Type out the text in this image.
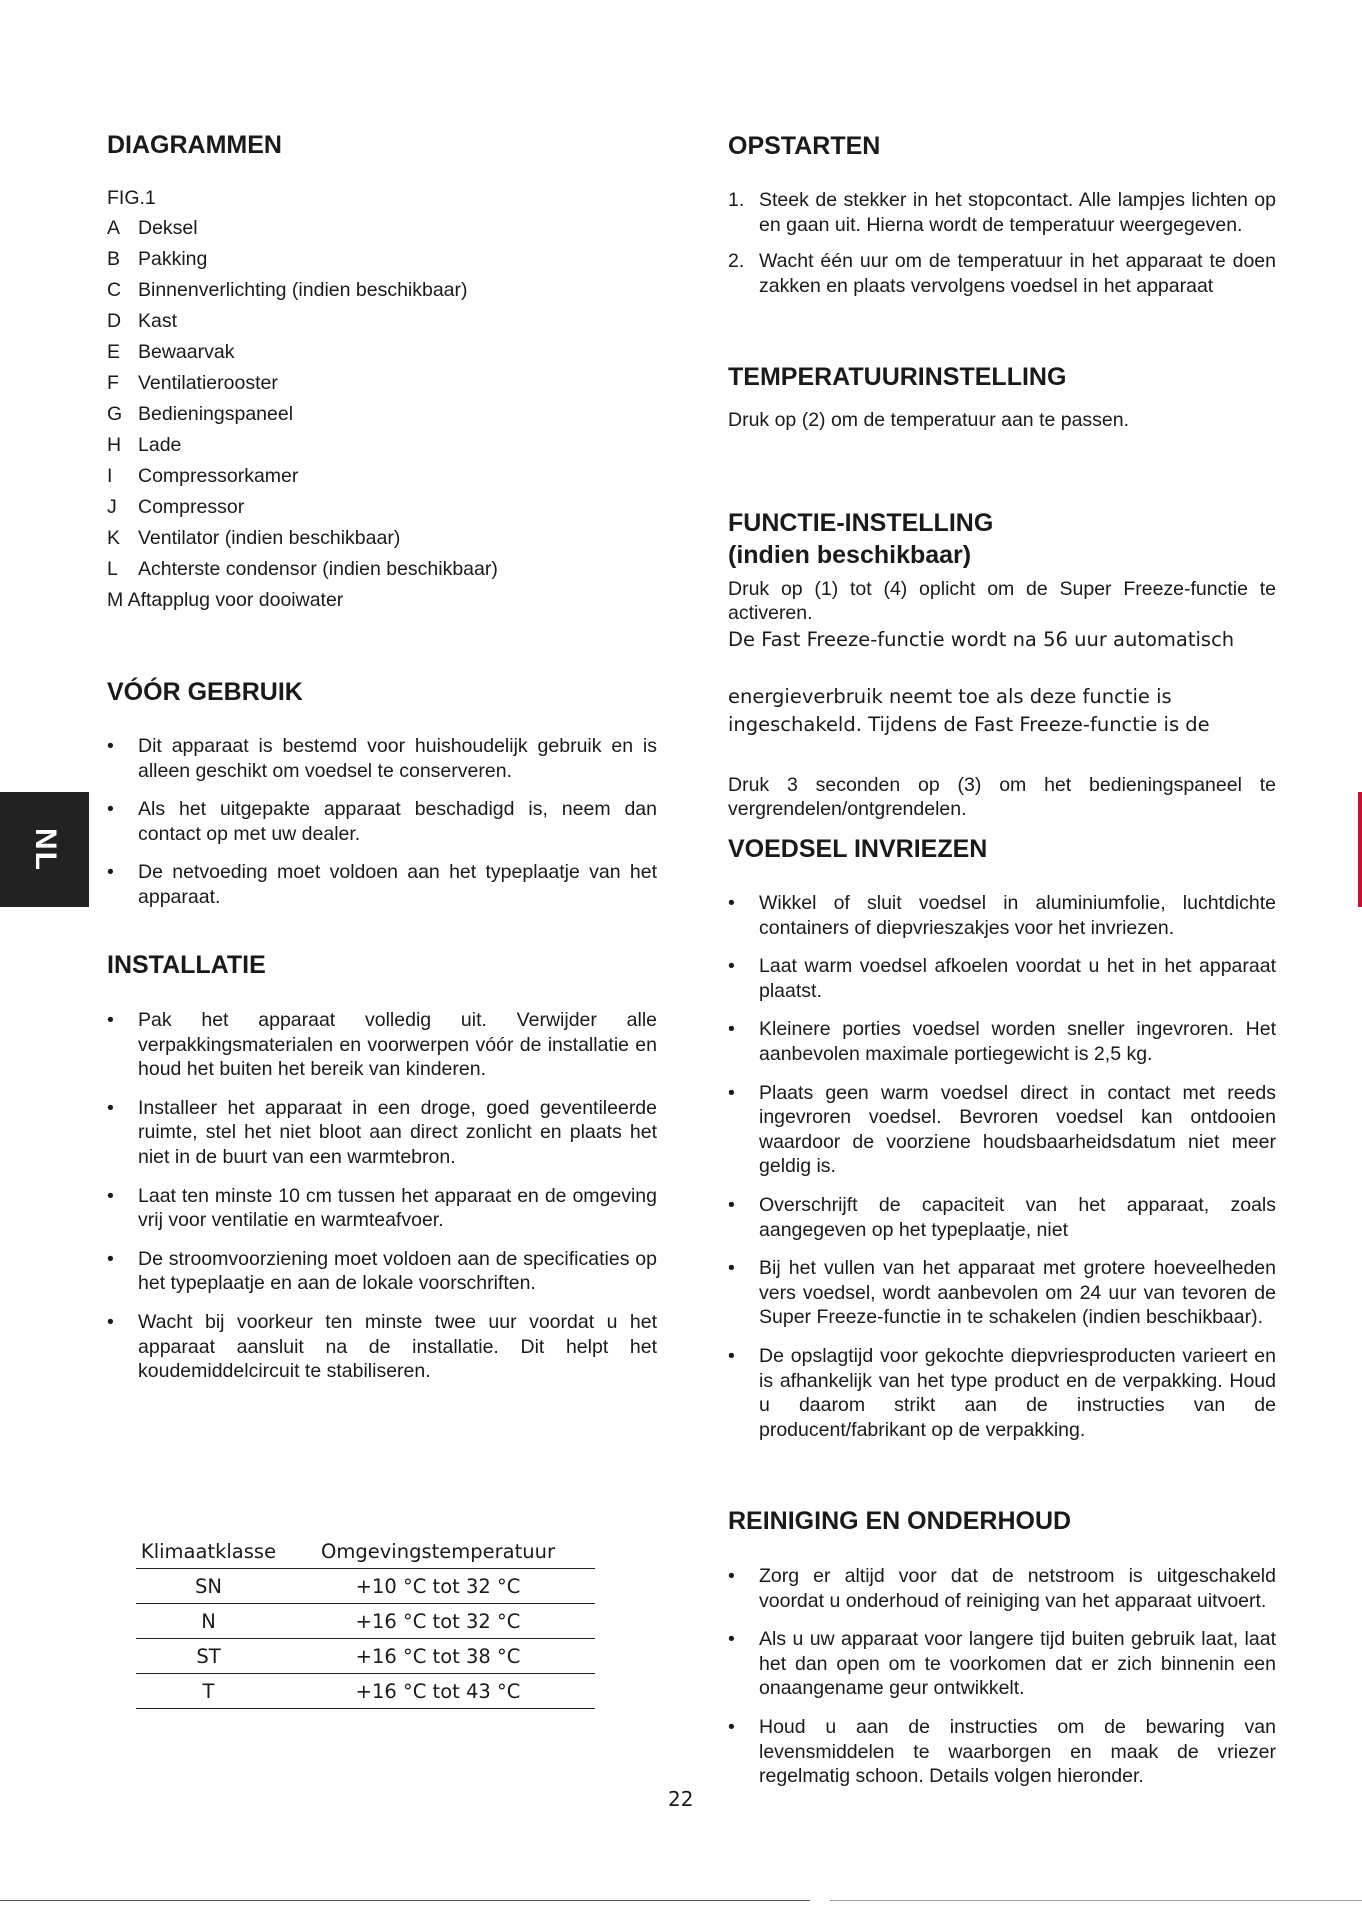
NL
DIAGRAMMEN
FIG.1
A Deksel
B Pakking
C Binnenverlichting (indien beschikbaar)
D Kast
E Bewaarvak
F Ventilatierooster
G Bedieningspaneel
H Lade
I Compressorkamer
J Compressor
K Ventilator (indien beschikbaar)
L Achterste condensor (indien beschikbaar)
M Aftapplug voor dooiwater
VÓÓR GEBRUIK
• Dit apparaat is bestemd voor huishoudelijk gebruik en is alleen geschikt om voedsel te conserveren.
• Als het uitgepakte apparaat beschadigd is, neem dan contact op met uw dealer.
• De netvoeding moet voldoen aan het typeplaatje van het apparaat.
INSTALLATIE
• Pak het apparaat volledig uit. Verwijder alle verpakkingsmaterialen en voorwerpen vóór de installatie en houd het buiten het bereik van kinderen.
• Installeer het apparaat in een droge, goed geventileerde ruimte, stel het niet bloot aan direct zonlicht en plaats het niet in de buurt van een warmtebron.
• Laat ten minste 10 cm tussen het apparaat en de omgeving vrij voor ventilatie en warmteafvoer.
• De stroomvoorziening moet voldoen aan de specificaties op het typeplaatje en aan de lokale voorschriften.
• Wacht bij voorkeur ten minste twee uur voordat u het apparaat aansluit na de installatie. Dit helpt het koudemiddelcircuit te stabiliseren.
Klimaatklasse	Omgevingstemperatuur
SN	+10 °C tot 32 °C
N	+16 °C tot 32 °C
ST	+16 °C tot 38 °C
T	+16 °C tot 43 °C
OPSTARTEN
1. Steek de stekker in het stopcontact. Alle lampjes lichten op en gaan uit. Hierna wordt de temperatuur weergegeven.
2. Wacht één uur om de temperatuur in het apparaat te doen zakken en plaats vervolgens voedsel in het apparaat
TEMPERATUURINSTELLING
Druk op (2) om de temperatuur aan te passen.
FUNCTIE-INSTELLING
(indien beschikbaar)
Druk op (1) tot (4) oplicht om de Super Freeze-functie te
activeren.
De Fast Freeze-functie wordt na 56 uur automatisch
energieverbruik neemt toe als deze functie is
ingeschakeld. Tijdens de Fast Freeze-functie is de
Druk 3 seconden op (3) om het bedieningspaneel te
vergrendelen/ontgrendelen.
VOEDSEL INVRIEZEN
• Wikkel of sluit voedsel in aluminiumfolie, luchtdichte containers of diepvrieszakjes voor het invriezen.
• Laat warm voedsel afkoelen voordat u het in het apparaat plaatst.
• Kleinere porties voedsel worden sneller ingevroren. Het aanbevolen maximale portiegewicht is 2,5 kg.
• Plaats geen warm voedsel direct in contact met reeds ingevroren voedsel. Bevroren voedsel kan ontdooien waardoor de voorziene houdsbaarheidsdatum niet meer geldig is.
• Overschrijft de capaciteit van het apparaat, zoals aangegeven op het typeplaatje, niet
• Bij het vullen van het apparaat met grotere hoeveelheden vers voedsel, wordt aanbevolen om 24 uur van tevoren de Super Freeze-functie in te schakelen (indien beschikbaar).
• De opslagtijd voor gekochte diepvriesproducten varieert en is afhankelijk van het type product en de verpakking. Houd u daarom strikt aan de instructies van de producent/fabrikant op de verpakking.
REINIGING EN ONDERHOUD
• Zorg er altijd voor dat de netstroom is uitgeschakeld voordat u onderhoud of reiniging van het apparaat uitvoert.
• Als u uw apparaat voor langere tijd buiten gebruik laat, laat het dan open om te voorkomen dat er zich binnenin een onaangename geur ontwikkelt.
• Houd u aan de instructies om de bewaring van levensmiddelen te waarborgen en maak de vriezer regelmatig schoon. Details volgen hieronder.
22
